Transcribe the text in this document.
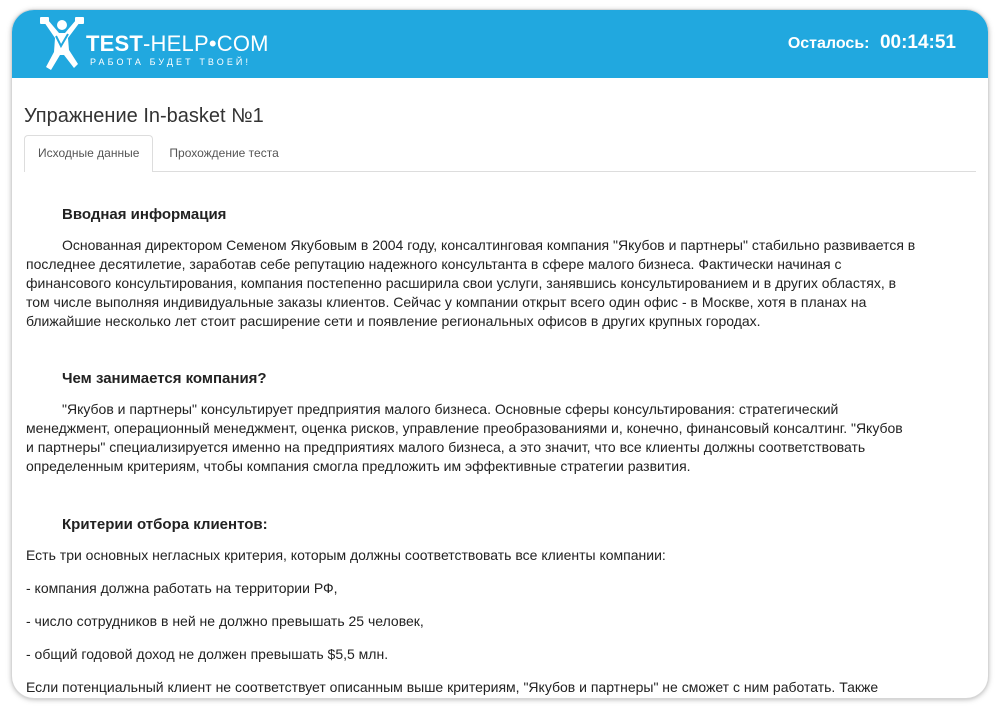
TEST-HELP•COM
РАБОТА БУДЕТ ТВОЕЙ!
Осталось: 00:14:51
Упражнение In-basket №1
Исходные данные	Прохождение теста
Вводная информация
Основанная директором Семеном Якубовым в 2004 году, консалтинговая компания "Якубов и партнеры" стабильно развивается в
последнее десятилетие, заработав себе репутацию надежного консультанта в сфере малого бизнеса. Фактически начиная с
финансового консультирования, компания постепенно расширила свои услуги, занявшись консультированием и в других областях, в
том числе выполняя индивидуальные заказы клиентов. Сейчас у компании открыт всего один офис - в Москве, хотя в планах на
ближайшие несколько лет стоит расширение сети и появление региональных офисов в других крупных городах.
Чем занимается компания?
"Якубов и партнеры" консультирует предприятия малого бизнеса. Основные сферы консультирования: стратегический
менеджмент, операционный менеджмент, оценка рисков, управление преобразованиями и, конечно, финансовый консалтинг. "Якубов
и партнеры" специализируется именно на предприятиях малого бизнеса, а это значит, что все клиенты должны соответствовать
определенным критериям, чтобы компания смогла предложить им эффективные стратегии развития.
Критерии отбора клиентов:
Есть три основных негласных критерия, которым должны соответствовать все клиенты компании:
- компания должна работать на территории РФ,
- число сотрудников в ней не должно превышать 25 человек,
- общий годовой доход не должен превышать $5,5 млн.
Если потенциальный клиент не соответствует описанным выше критериям, "Якубов и партнеры" не сможет с ним работать. Также
